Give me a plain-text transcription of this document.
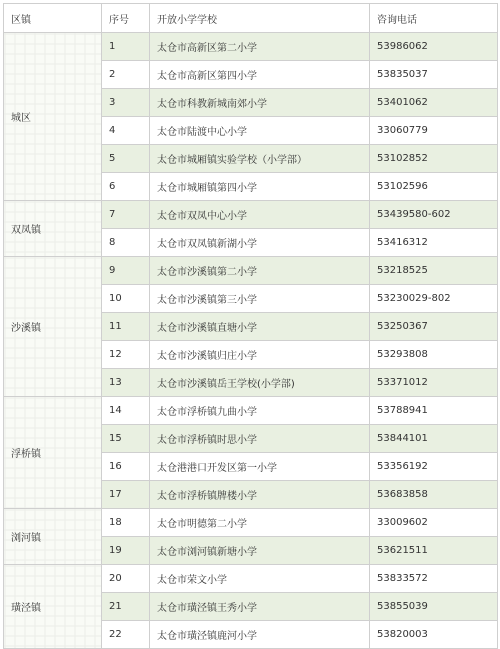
区镇	序号	开放小学学校	咨询电话
城区	1	太仓市高新区第二小学	53986062
	2	太仓市高新区第四小学	53835037
	3	太仓市科教新城南郊小学	53401062
	4	太仓市陆渡中心小学	33060779
	5	太仓市城厢镇实验学校（小学部）	53102852
	6	太仓市城厢镇第四小学	53102596
双凤镇	7	太仓市双凤中心小学	53439580-602
	8	太仓市双凤镇新湖小学	53416312
沙溪镇	9	太仓市沙溪镇第二小学	53218525
	10	太仓市沙溪镇第三小学	53230029-802
	11	太仓市沙溪镇直塘小学	53250367
	12	太仓市沙溪镇归庄小学	53293808
	13	太仓市沙溪镇岳王学校(小学部)	53371012
浮桥镇	14	太仓市浮桥镇九曲小学	53788941
	15	太仓市浮桥镇时思小学	53844101
	16	太仓港港口开发区第一小学	53356192
	17	太仓市浮桥镇牌楼小学	53683858
浏河镇	18	太仓市明德第二小学	33009602
	19	太仓市浏河镇新塘小学	53621511
璜泾镇	20	太仓市荣文小学	53833572
	21	太仓市璜泾镇王秀小学	53855039
	22	太仓市璜泾镇鹿河小学	53820003
